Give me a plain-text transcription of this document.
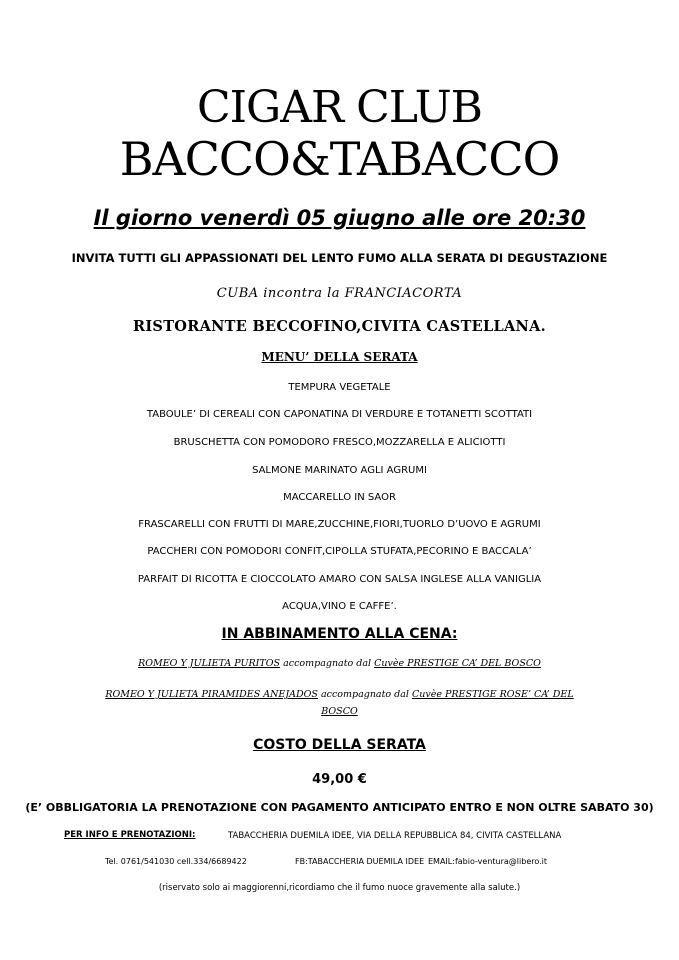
CIGAR CLUB
BACCO&TABACCO
Il giorno venerdì 05 giugno alle ore 20:30
INVITA TUTTI GLI APPASSIONATI DEL LENTO FUMO ALLA SERATA DI DEGUSTAZIONE
CUBA incontra la FRANCIACORTA
RISTORANTE BECCOFINO,CIVITA CASTELLANA.
MENU’ DELLA SERATA
TEMPURA VEGETALE
TABOULE’ DI CEREALI CON CAPONATINA DI VERDURE E TOTANETTI SCOTTATI
BRUSCHETTA CON POMODORO FRESCO,MOZZARELLA E ALICIOTTI
SALMONE MARINATO AGLI AGRUMI
MACCARELLO IN SAOR
FRASCARELLI CON FRUTTI DI MARE,ZUCCHINE,FIORI,TUORLO D’UOVO E AGRUMI
PACCHERI CON POMODORI CONFIT,CIPOLLA STUFATA,PECORINO E BACCALA’
PARFAIT DI RICOTTA E CIOCCOLATO AMARO CON SALSA INGLESE ALLA VANIGLIA
ACQUA,VINO E CAFFE’.
IN ABBINAMENTO ALLA CENA:
ROMEO Y JULIETA PURITOS accompagnato dal Cuvèe PRESTIGE CA’ DEL BOSCO
ROMEO Y JULIETA PIRAMIDES ANEJADOS accompagnato dal Cuvèe PRESTIGE ROSE’ CA’ DEL
BOSCO
COSTO DELLA SERATA
49,00 €
(E’ OBBLIGATORIA LA PRENOTAZIONE CON PAGAMENTO ANTICIPATO ENTRO E NON OLTRE SABATO 30)
PER INFO E PRENOTAZIONI:	TABACCHERIA DUEMILA IDEE, VIA DELLA REPUBBLICA 84, CIVITA CASTELLANA
Tel. 0761/541030 cell.334/6689422	FB:TABACCHERIA DUEMILA IDEE EMAIL:fabio-ventura@libero.it
(riservato solo ai maggiorenni,ricordiamo che il fumo nuoce gravemente alla salute.)
